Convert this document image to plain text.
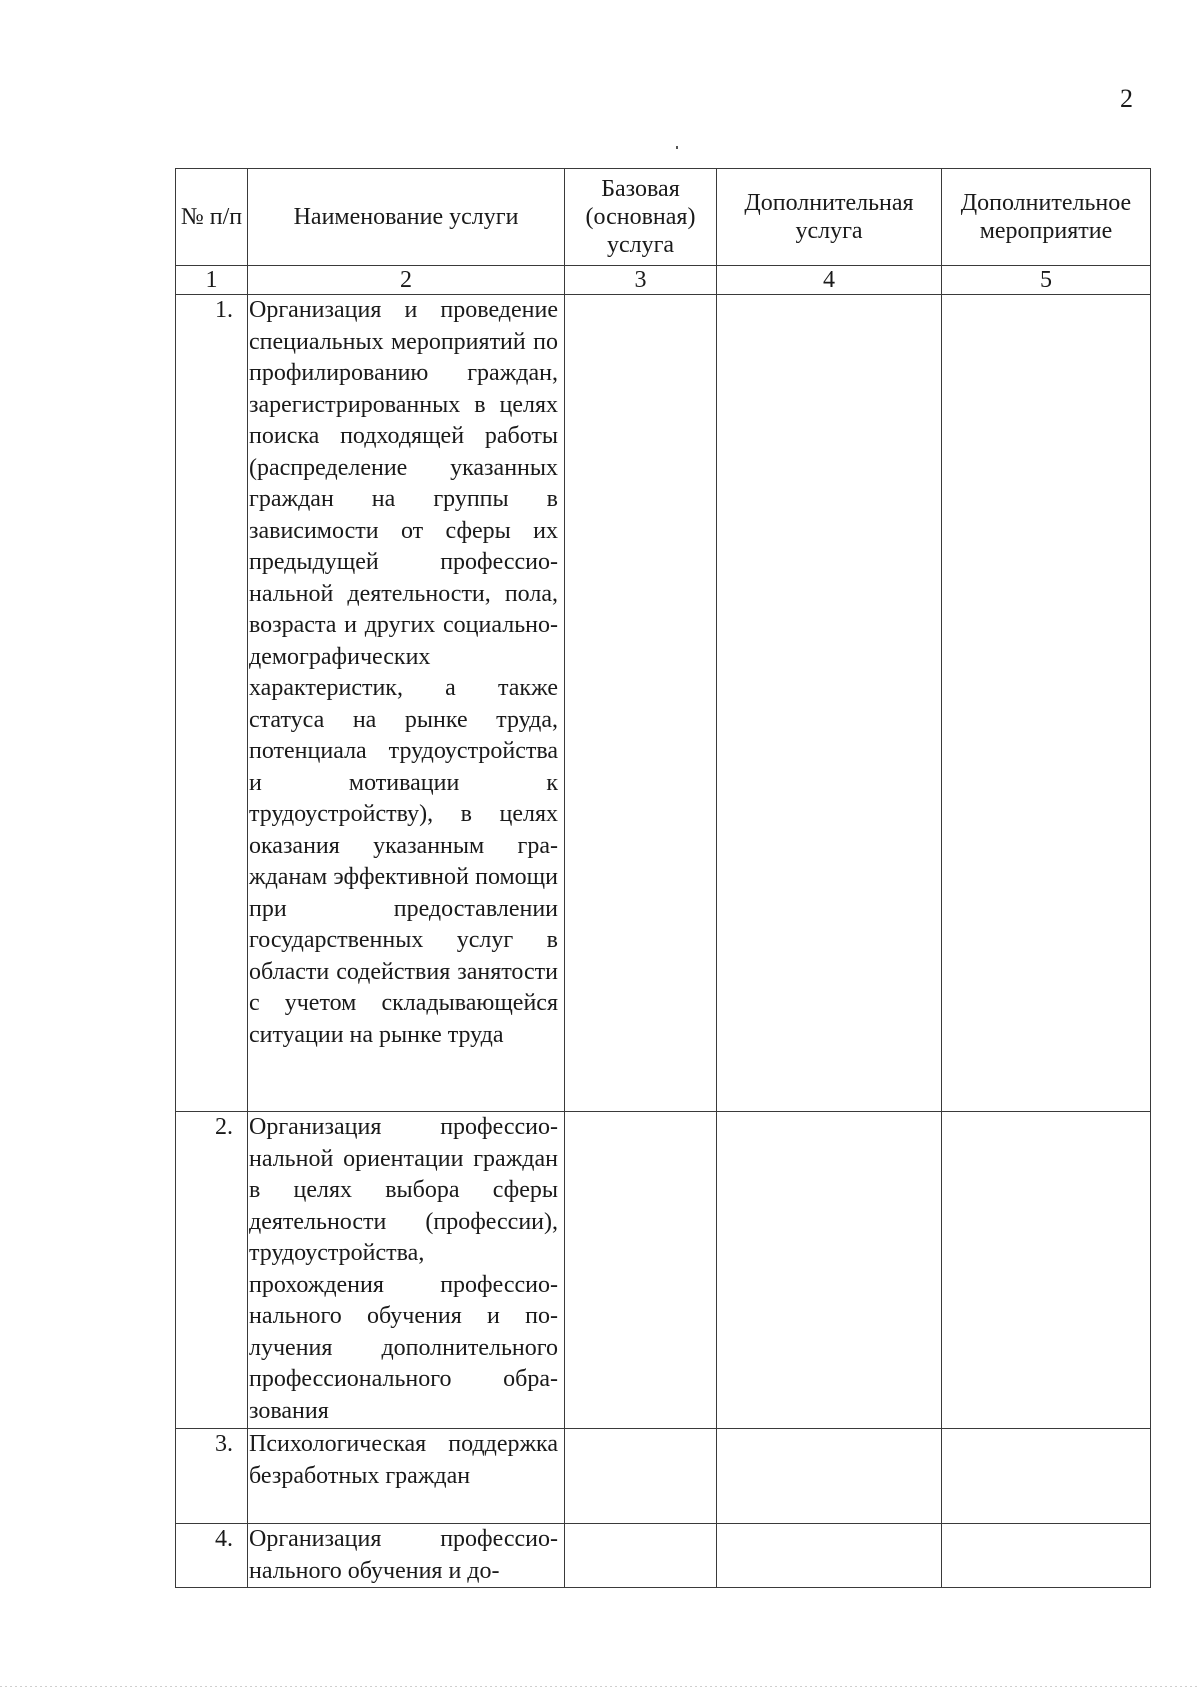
2
№ п/п	Наименование услуги	Базовая (основная) услуга	Дополнительная услуга	Дополнительное мероприятие
1	2	3	4	5
1.	Организация и проведение специальных мероприятий по профилированию граждан, зарегистрированных в целях поиска подходящей работы (распределение указанных граждан на группы в зависимости от сферы их предыдущей профессиональной деятельности, пола, возраста и других социально-демографических характеристик, а также статуса на рынке труда, потенциала трудоустройства и мотивации к трудоустройству), в целях оказания указанным гражданам эффективной помощи при предоставлении государственных услуг в области содействия занятости с учетом складывающейся ситуации на рынке труда			
2.	Организация профессиональной ориентации граждан в целях выбора сферы деятельности (профессии), трудоустройства, прохождения профессионального обучения и получения дополнительного профессионального образования			
3.	Психологическая поддержка безработных граждан			
4.	Организация профессионального обучения и до-			
